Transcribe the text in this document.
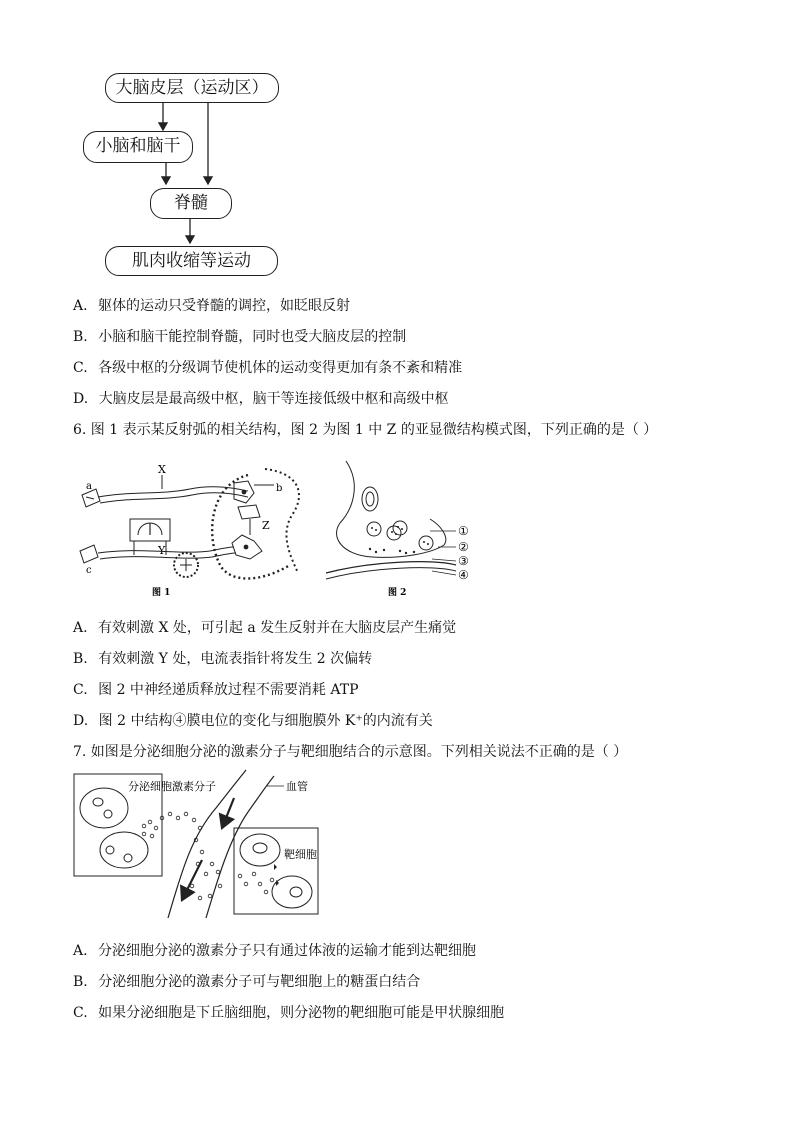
大脑皮层（运动区）
小脑和脑干
脊髓
肌肉收缩等运动
A. 躯体的运动只受脊髓的调控，如眨眼反射
B. 小脑和脑干能控制脊髓，同时也受大脑皮层的控制
C. 各级中枢的分级调节使机体的运动变得更加有条不紊和精准
D. 大脑皮层是最高级中枢，脑干等连接低级中枢和高级中枢
6. 图 1 表示某反射弧的相关结构，图 2 为图 1 中 Z 的亚显微结构模式图，下列正确的是（ ）
a
X
b
Z
Y
c
图 1
①
②
③
④
图 2
A. 有效刺激 X 处，可引起 a 发生反射并在大脑皮层产生痛觉
B. 有效刺激 Y 处，电流表指针将发生 2 次偏转
C. 图 2 中神经递质释放过程不需要消耗 ATP
D. 图 2 中结构④膜电位的变化与细胞膜外 K⁺的内流有关
7. 如图是分泌细胞分泌的激素分子与靶细胞结合的示意图。下列相关说法不正确的是（ ）
分泌细胞 激素分子	血管
靶细胞
A. 分泌细胞分泌的激素分子只有通过体液的运输才能到达靶细胞
B. 分泌细胞分泌的激素分子可与靶细胞上的糖蛋白结合
C. 如果分泌细胞是下丘脑细胞，则分泌物的靶细胞可能是甲状腺细胞
